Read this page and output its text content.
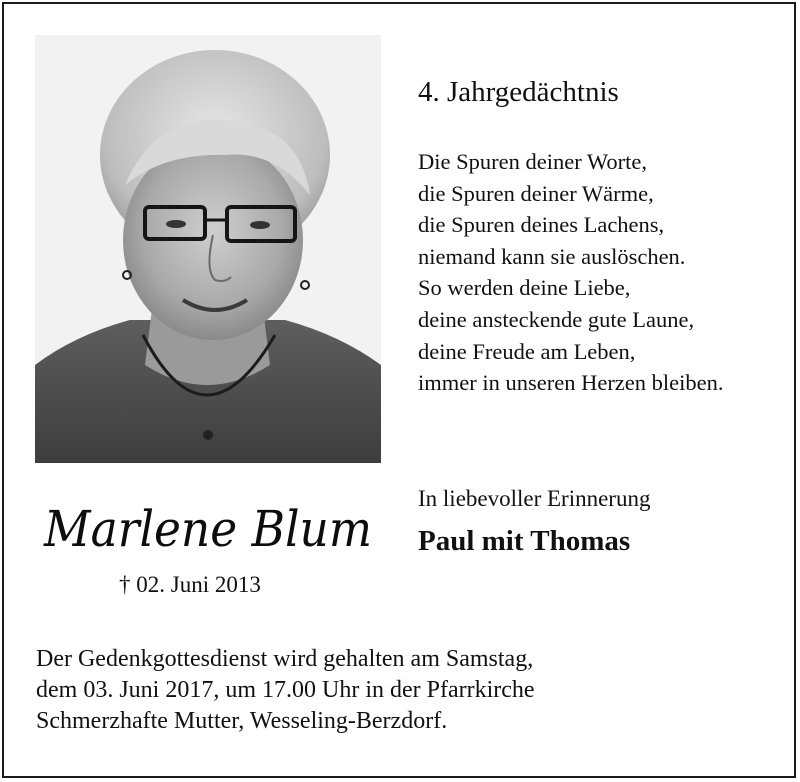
4. Jahrgedächtnis
Die Spuren deiner Worte,
die Spuren deiner Wärme,
die Spuren deines Lachens,
niemand kann sie auslöschen.
So werden deine Liebe,
deine ansteckende gute Laune,
deine Freude am Leben,
immer in unseren Herzen bleiben.
In liebevoller Erinnerung
Paul mit Thomas
Marlene Blum
† 02. Juni 2013
Der Gedenkgottesdienst wird gehalten am Samstag,
dem 03. Juni 2017, um 17.00 Uhr in der Pfarrkirche
Schmerzhafte Mutter, Wesseling-Berzdorf.
